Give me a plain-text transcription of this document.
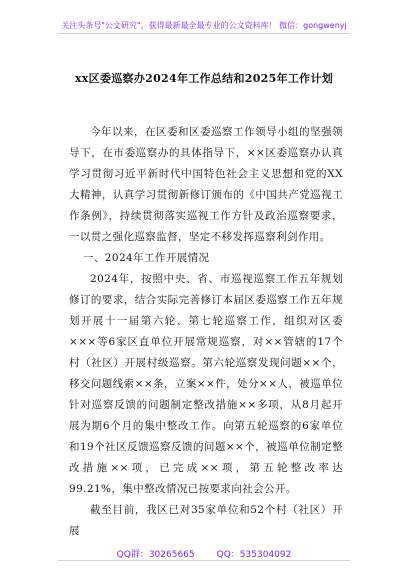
关注头条号"公文研究"，获得最新最全最专业的公文资料库！ 微信：gongwenyj
xx区委巡察办2024年工作总结和2025年工作计划

今年以来，在区委和区委巡察工作领导小组的坚强领导下，在市委巡察办的具体指导下，××区委巡察办认真学习贯彻习近平新时代中国特色社会主义思想和党的XX大精神，认真学习贯彻新修订颁布的《中国共产党巡视工作条例》，持续贯彻落实巡视工作方针及政治巡察要求，一以贯之强化巡察监督，坚定不移发挥巡察利剑作用。

一、2024年工作开展情况

2024年，按照中央、省、市巡视巡察工作五年规划修订的要求，结合实际完善修订本届区委巡察工作五年规划开展十一届第六轮、第七轮巡察工作，组织对区委×××等6家区直单位开展常规巡察，对××管辖的17个村（社区）开展村级巡察。第六轮巡察发现问题××个，移交问题线索××条，立案××件，处分××人，被巡单位针对巡察反馈的问题制定整改措施××多项，从8月起开展为期6个月的集中整改工作。向第五轮巡察的6家单位和19个社区反馈巡察反馈的问题××个，被巡单位制定整改措施××项，已完成××项，第五轮整改率达99.21%，集中整改情况已按要求向社会公开。

截至目前，我区已对35家单位和52个村（社区）开展

QQ群：30265665 QQ：535304092
